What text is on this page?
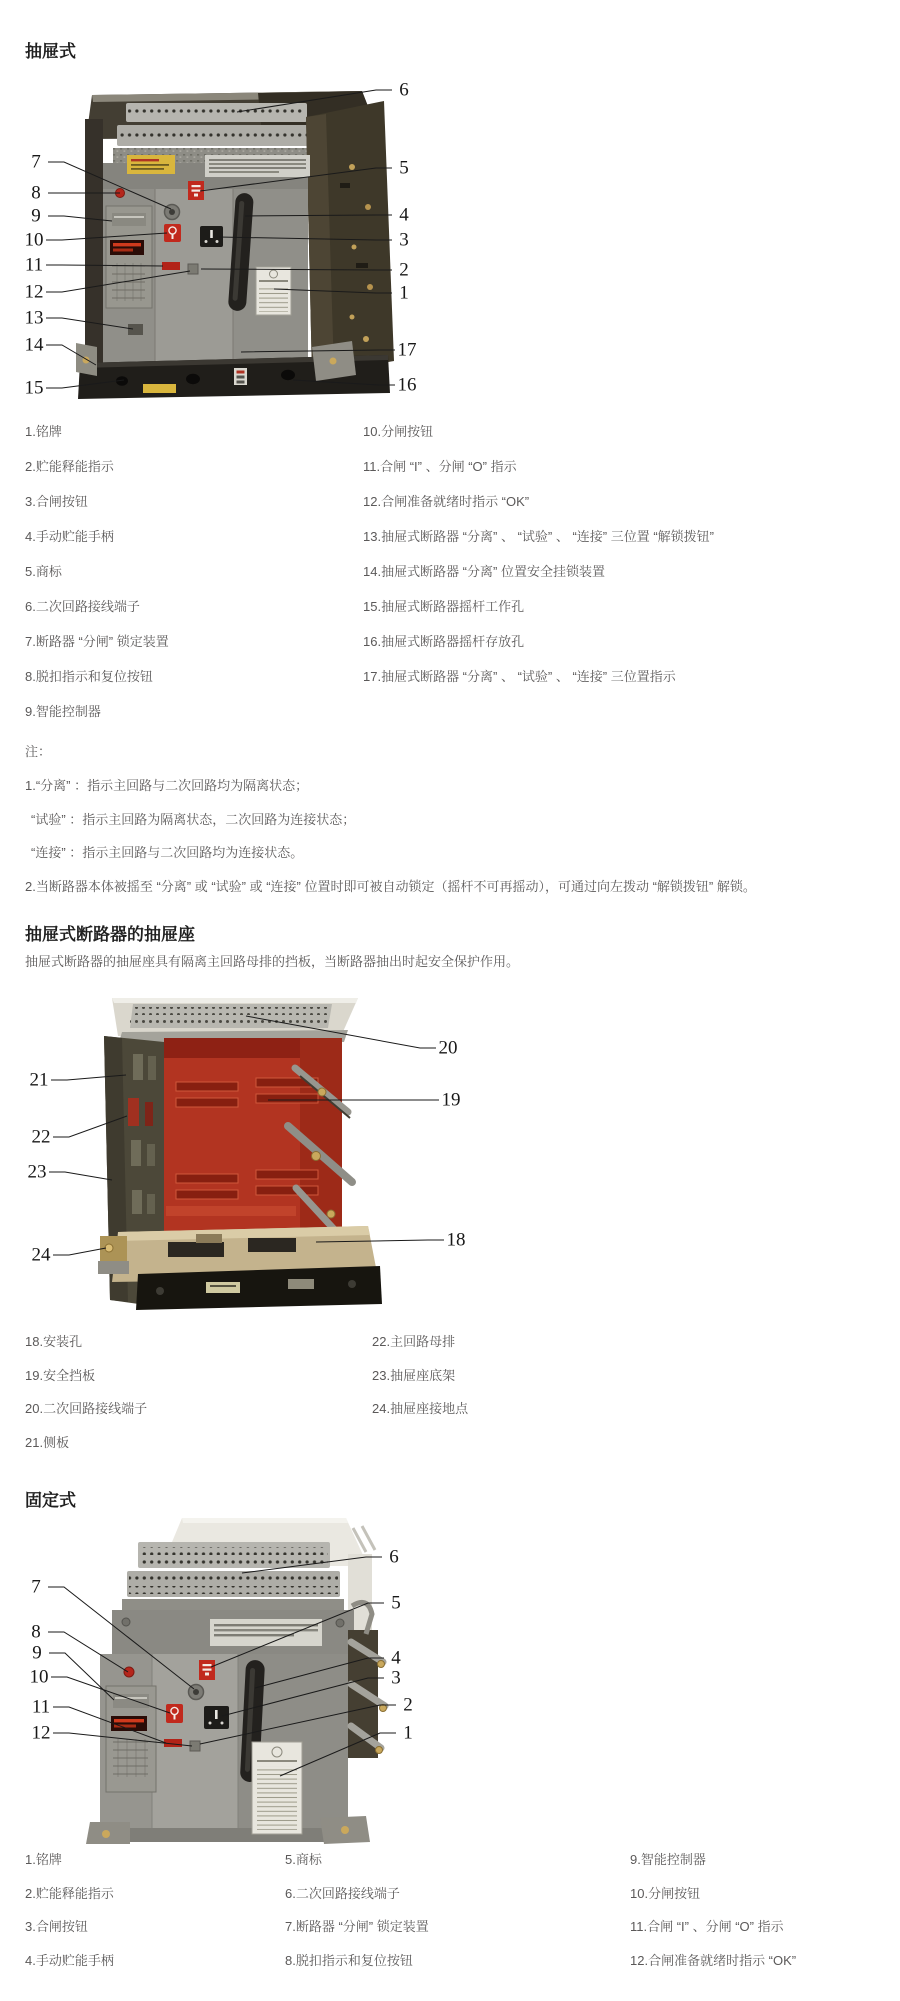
抽屉式
6
5
4
3
2
1
17
16
7
8
9
10
11
12
13
14
15
注：
抽屉式断路器的抽屉座
抽屉式断路器的抽屉座具有隔离主回路母排的挡板，当断路器抽出时起安全保护作用。
20
19
18
21
22
23
24
固定式
6
5
4
3
2
1
7
8
9
10
11
12
1.铭牌
2.贮能释能指示
3.合闸按钮
4.手动贮能手柄
5.商标
6.二次回路接线端子
7.断路器 “分闸” 锁定装置
8.脱扣指示和复位按钮
9.智能控制器
10.分闸按钮
11.合闸 “I” 、分闸 “O” 指示
12.合闸准备就绪时指示 “OK”
13.抽屉式断路器 “分离” 、 “试验” 、 “连接” 三位置 “解锁拨钮”
14.抽屉式断路器 “分离” 位置安全挂锁装置
15.抽屉式断路器摇杆工作孔
16.抽屉式断路器摇杆存放孔
17.抽屉式断路器 “分离” 、 “试验” 、 “连接” 三位置指示
1.“分离” ：指示主回路与二次回路均为隔离状态；
“试验” ：指示主回路为隔离状态，二次回路为连接状态；
“连接” ：指示主回路与二次回路均为连接状态。
2.当断路器本体被摇至 “分离” 或 “试验” 或 “连接” 位置时即可被自动锁定（摇杆不可再摇动），可通过向左拨动 “解锁拨钮” 解锁。
18.安装孔
19.安全挡板
20.二次回路接线端子
21.侧板
22.主回路母排
23.抽屉座底架
24.抽屉座接地点
1.铭牌
2.贮能释能指示
3.合闸按钮
4.手动贮能手柄
5.商标
6.二次回路接线端子
7.断路器 “分闸” 锁定装置
8.脱扣指示和复位按钮
9.智能控制器
10.分闸按钮
11.合闸 “I” 、分闸 “O” 指示
12.合闸准备就绪时指示 “OK”
